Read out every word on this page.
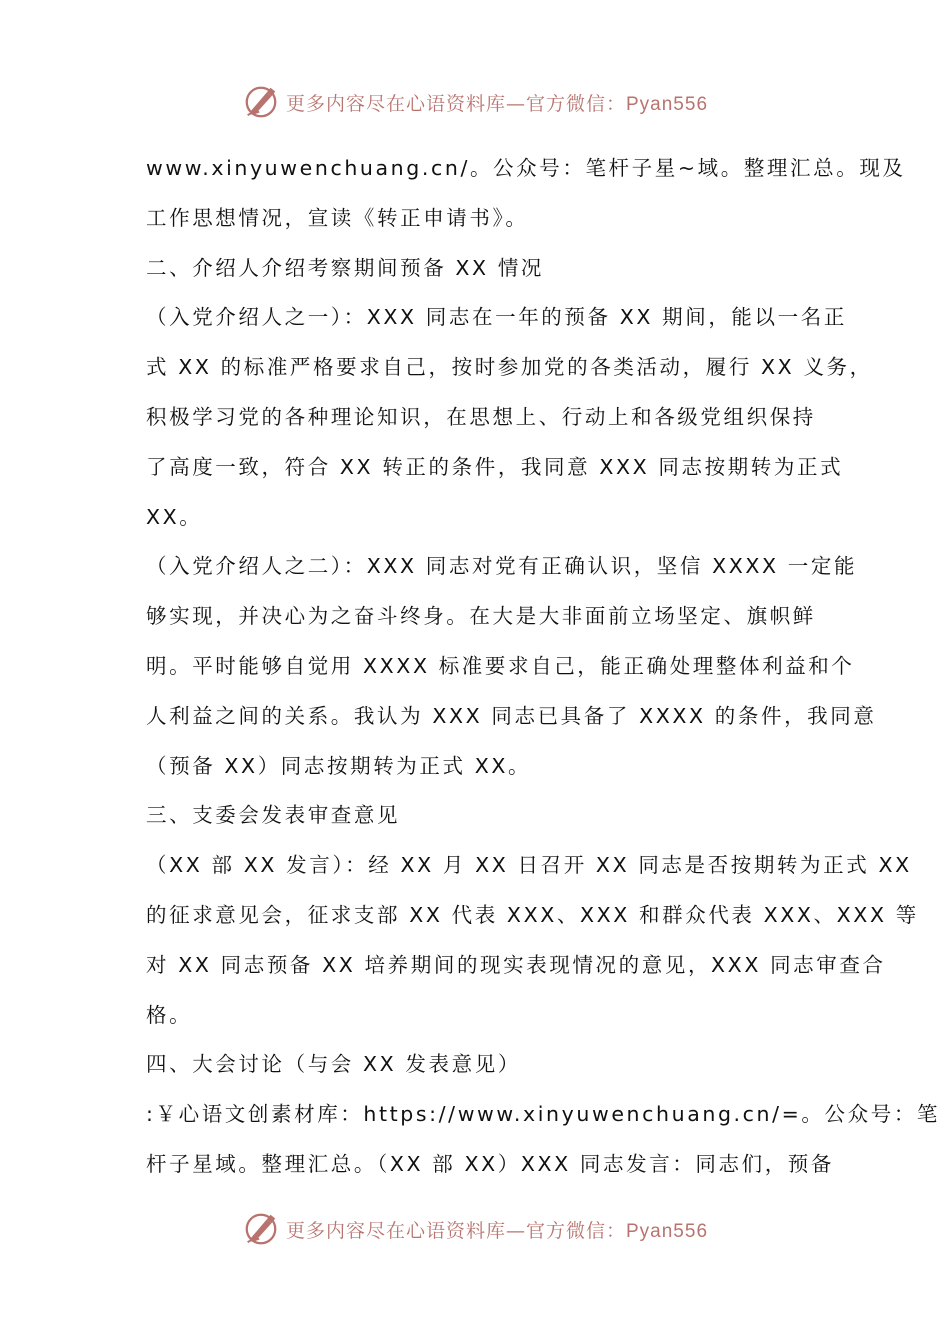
更多内容尽在心语资料库—官方微信：Pyan556
www.xinyuwenchuang.cn/。公众号：笔杆子星~域。整理汇总。现及
工作思想情况，宣读《转正申请书》。
二、介绍人介绍考察期间预备 XX 情况
（入党介绍人之一）：XXX 同志在一年的预备 XX 期间，能以一名正
式 XX 的标准严格要求自己，按时参加党的各类活动，履行 XX 义务，
积极学习党的各种理论知识，在思想上、行动上和各级党组织保持
了高度一致，符合 XX 转正的条件，我同意 XXX 同志按期转为正式
XX。
（入党介绍人之二）：XXX 同志对党有正确认识，坚信 XXXX 一定能
够实现，并决心为之奋斗终身。在大是大非面前立场坚定、旗帜鲜
明。平时能够自觉用 XXXX 标准要求自己，能正确处理整体利益和个
人利益之间的关系。我认为 XXX 同志已具备了 XXXX 的条件，我同意
（预备 XX）同志按期转为正式 XX。
三、支委会发表审查意见
（XX 部 XX 发言）：经 XX 月 XX 日召开 XX 同志是否按期转为正式 XX
的征求意见会，征求支部 XX 代表 XXX、XXX 和群众代表 XXX、XXX 等
对 XX 同志预备 XX 培养期间的现实表现情况的意见，XXX 同志审查合
格。
四、大会讨论（与会 XX 发表意见）
:￥心语文创素材库：https://www.xinyuwenchuang.cn/=。公众号：笔
杆子星域。整理汇总。（XX 部 XX）XXX 同志发言：同志们，预备
更多内容尽在心语资料库—官方微信：Pyan556
